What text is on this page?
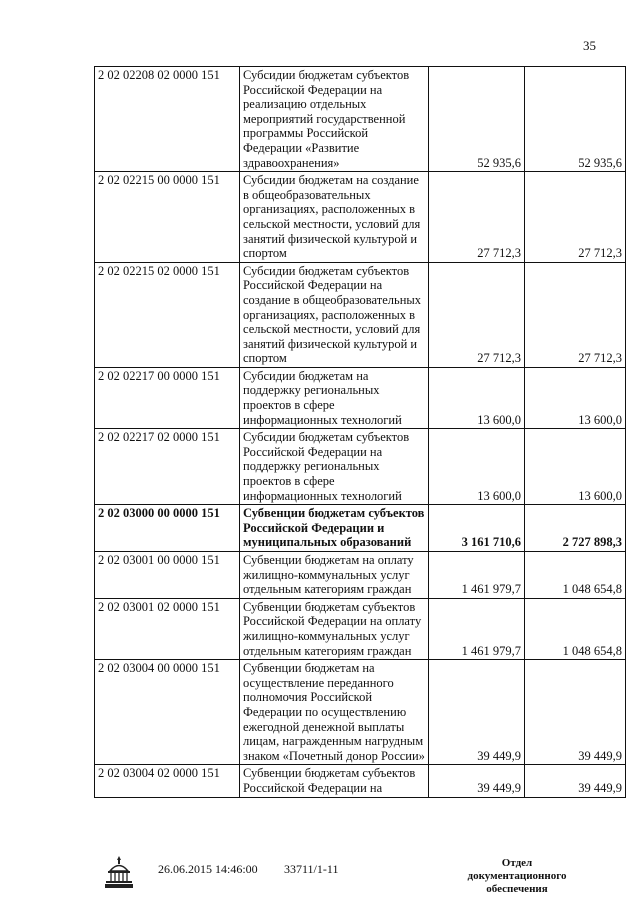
35
2 02 02208 02 0000 151	Субсидии бюджетам субъектов Российской Федерации на реализацию отдельных мероприятий государственной программы Российской Федерации «Развитие здравоохранения»	52 935,6	52 935,6
2 02 02215 00 0000 151	Субсидии бюджетам на создание в общеобразовательных организациях, расположенных в сельской местности, условий для занятий физической культурой и спортом	27 712,3	27 712,3
2 02 02215 02 0000 151	Субсидии бюджетам субъектов Российской Федерации на создание в общеобразовательных организациях, расположенных в сельской местности, условий для занятий физической культурой и спортом	27 712,3	27 712,3
2 02 02217 00 0000 151	Субсидии бюджетам на поддержку региональных проектов в сфере информационных технологий	13 600,0	13 600,0
2 02 02217 02 0000 151	Субсидии бюджетам субъектов Российской Федерации на поддержку региональных проектов в сфере информационных технологий	13 600,0	13 600,0
2 02 03000 00 0000 151	Субвенции бюджетам субъектов Российской Федерации и муниципальных образований	3 161 710,6	2 727 898,3
2 02 03001 00 0000 151	Субвенции бюджетам на оплату жилищно-коммунальных услуг отдельным категориям граждан	1 461 979,7	1 048 654,8
2 02 03001 02 0000 151	Субвенции бюджетам субъектов Российской Федерации на оплату жилищно-коммунальных услуг отдельным категориям граждан	1 461 979,7	1 048 654,8
2 02 03004 00 0000 151	Субвенции бюджетам на осуществление переданного полномочия Российской Федерации по осуществлению ежегодной денежной выплаты лицам, награжденным нагрудным знаком «Почетный донор России»	39 449,9	39 449,9
2 02 03004 02 0000 151	Субвенции бюджетам субъектов Российской Федерации на	39 449,9	39 449,9
26.06.2015 14:46:00 33711/1-11	Отдел документационного
обеспечения
